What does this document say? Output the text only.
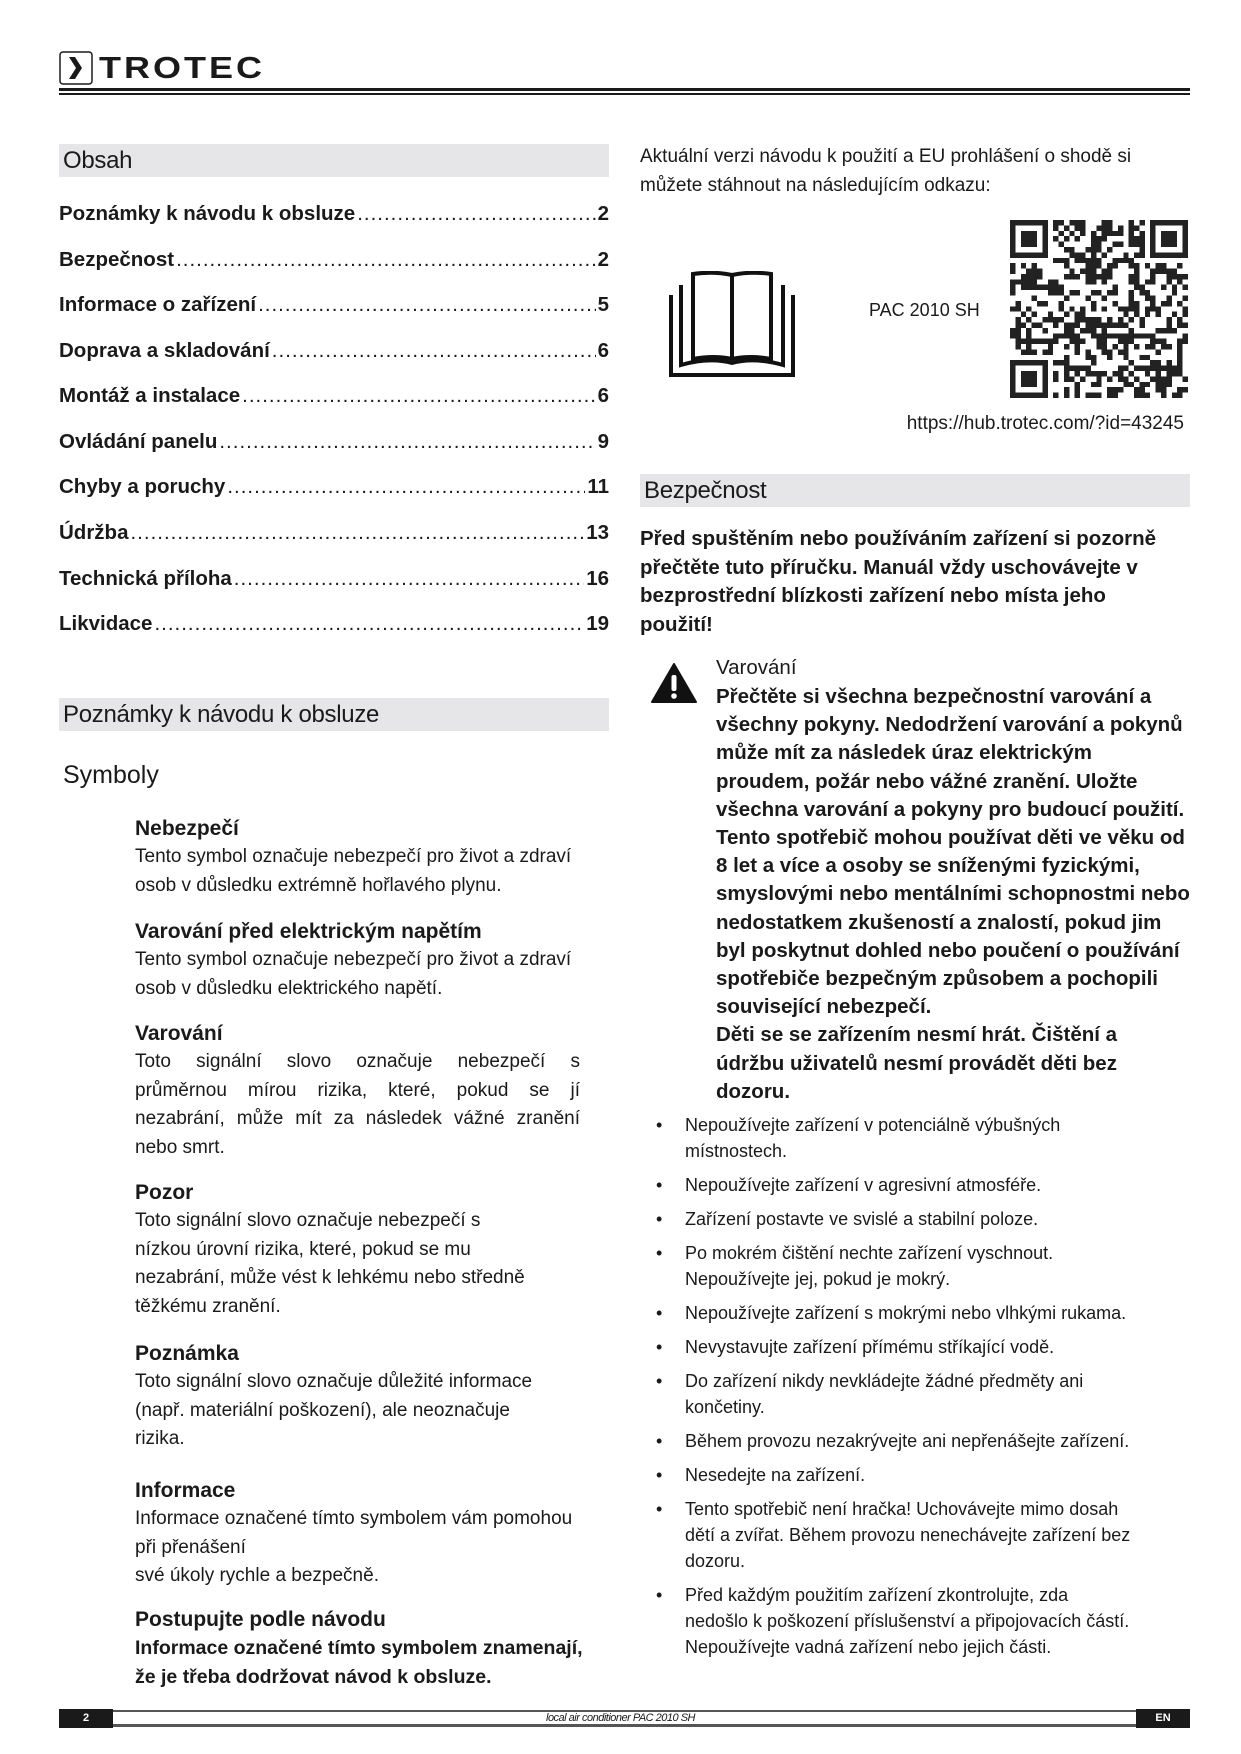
TROTEC
Obsah
Poznámky k návodu k obsluze .....	2
Bezpečnost .....	2
Informace o zařízení .....	5
Doprava a skladování .....	6
Montáž a instalace .....	6
Ovládání panelu .....	9
Chyby a poruchy .....	11
Údržba .....	13
Technická příloha .....	16
Likvidace .....	19
Poznámky k návodu k obsluze
Symboly
Nebezpečí
Tento symbol označuje nebezpečí pro život a zdraví
osob v důsledku extrémně hořlavého plynu.
Varování před elektrickým napětím
Tento symbol označuje nebezpečí pro život a zdraví
osob v důsledku elektrického napětí.
Varování
Toto signální slovo označuje nebezpečí s
průměrnou mírou rizika, které, pokud se jí
nezabrání, může mít za následek vážné zranění
nebo smrt.
Pozor
Toto signální slovo označuje nebezpečí s
nízkou úrovní rizika, které, pokud se mu
nezabrání, může vést k lehkému nebo středně
těžkému zranění.
Poznámka
Toto signální slovo označuje důležité informace
(např. materiální poškození), ale neoznačuje
rizika.
Informace
Informace označené tímto symbolem vám pomohou
při přenášení
své úkoly rychle a bezpečně.
Postupujte podle návodu
Informace označené tímto symbolem znamenají,
že je třeba dodržovat návod k obsluze.
Aktuální verzi návodu k použití a EU prohlášení o shodě si
můžete stáhnout na následujícím odkazu:
PAC 2010 SH
https://hub.trotec.com/?id=43245
Bezpečnost
Před spuštěním nebo používáním zařízení si pozorně
přečtěte tuto příručku. Manuál vždy uschovávejte v
bezprostřední blízkosti zařízení nebo místa jeho
použití!
Varování
Přečtěte si všechna bezpečnostní varování a
všechny pokyny. Nedodržení varování a pokynů
může mít za následek úraz elektrickým
proudem, požár nebo vážné zranění. Uložte
všechna varování a pokyny pro budoucí použití.
Tento spotřebič mohou používat děti ve věku od
8 let a více a osoby se sníženými fyzickými,
smyslovými nebo mentálními schopnostmi nebo
nedostatkem zkušeností a znalostí, pokud jim
byl poskytnut dohled nebo poučení o používání
spotřebiče bezpečným způsobem a pochopili
související nebezpečí.
Děti se se zařízením nesmí hrát. Čištění a
údržbu uživatelů nesmí provádět děti bez
dozoru.
• Nepoužívejte zařízení v potenciálně výbušných
místnostech.
• Nepoužívejte zařízení v agresivní atmosféře.
• Zařízení postavte ve svislé a stabilní poloze.
• Po mokrém čištění nechte zařízení vyschnout.
Nepoužívejte jej, pokud je mokrý.
• Nepoužívejte zařízení s mokrými nebo vlhkými rukama.
• Nevystavujte zařízení přímému stříkající vodě.
• Do zařízení nikdy nevkládejte žádné předměty ani
končetiny.
• Během provozu nezakrývejte ani nepřenášejte zařízení.
• Nesedejte na zařízení.
• Tento spotřebič není hračka! Uchovávejte mimo dosah
dětí a zvířat. Během provozu nenechávejte zařízení bez
dozoru.
• Před každým použitím zařízení zkontrolujte, zda
nedošlo k poškození příslušenství a připojovacích částí.
Nepoužívejte vadná zařízení nebo jejich části.
2	local air conditioner PAC 2010 SH	EN
